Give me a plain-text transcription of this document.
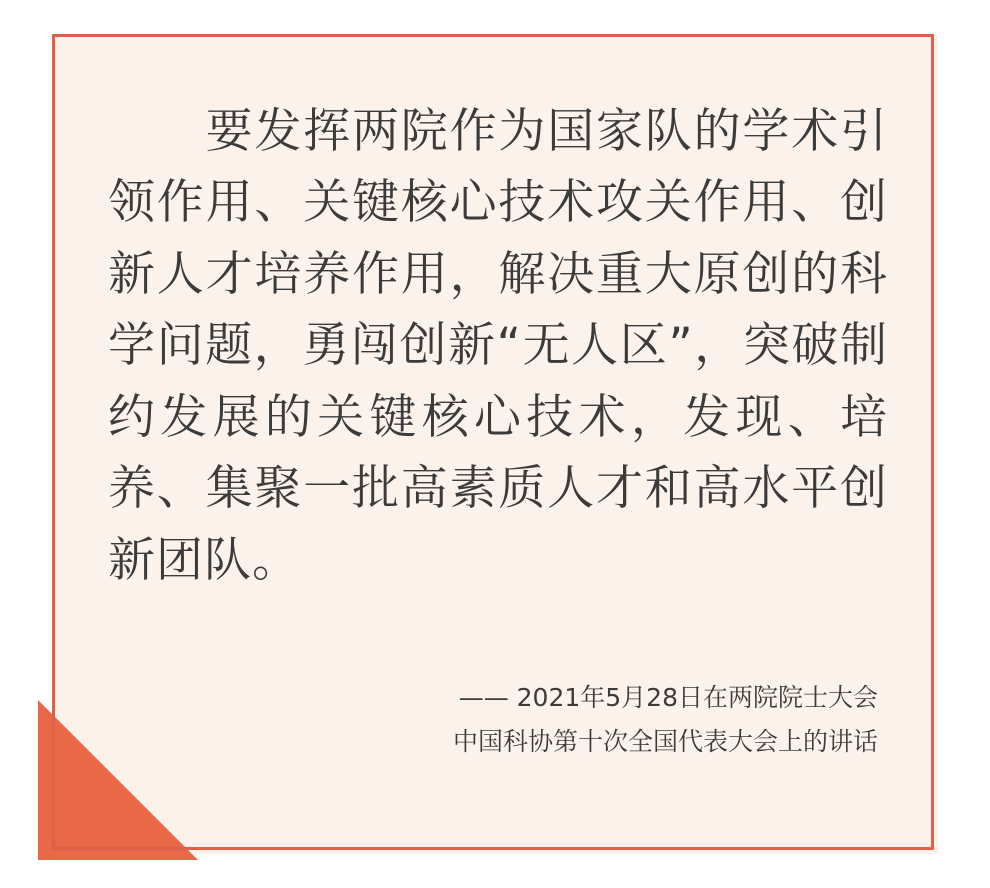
　　要发挥两院作为国家队的学术引领作用、关键核心技术攻关作用、创新人才培养作用，解决重大原创的科学问题，勇闯创新“无人区”，突破制约发展的关键核心技术，发现、培养、集聚一批高素质人才和高水平创新团队。
—— 2021年5月28日在两院院士大会
中国科协第十次全国代表大会上的讲话
